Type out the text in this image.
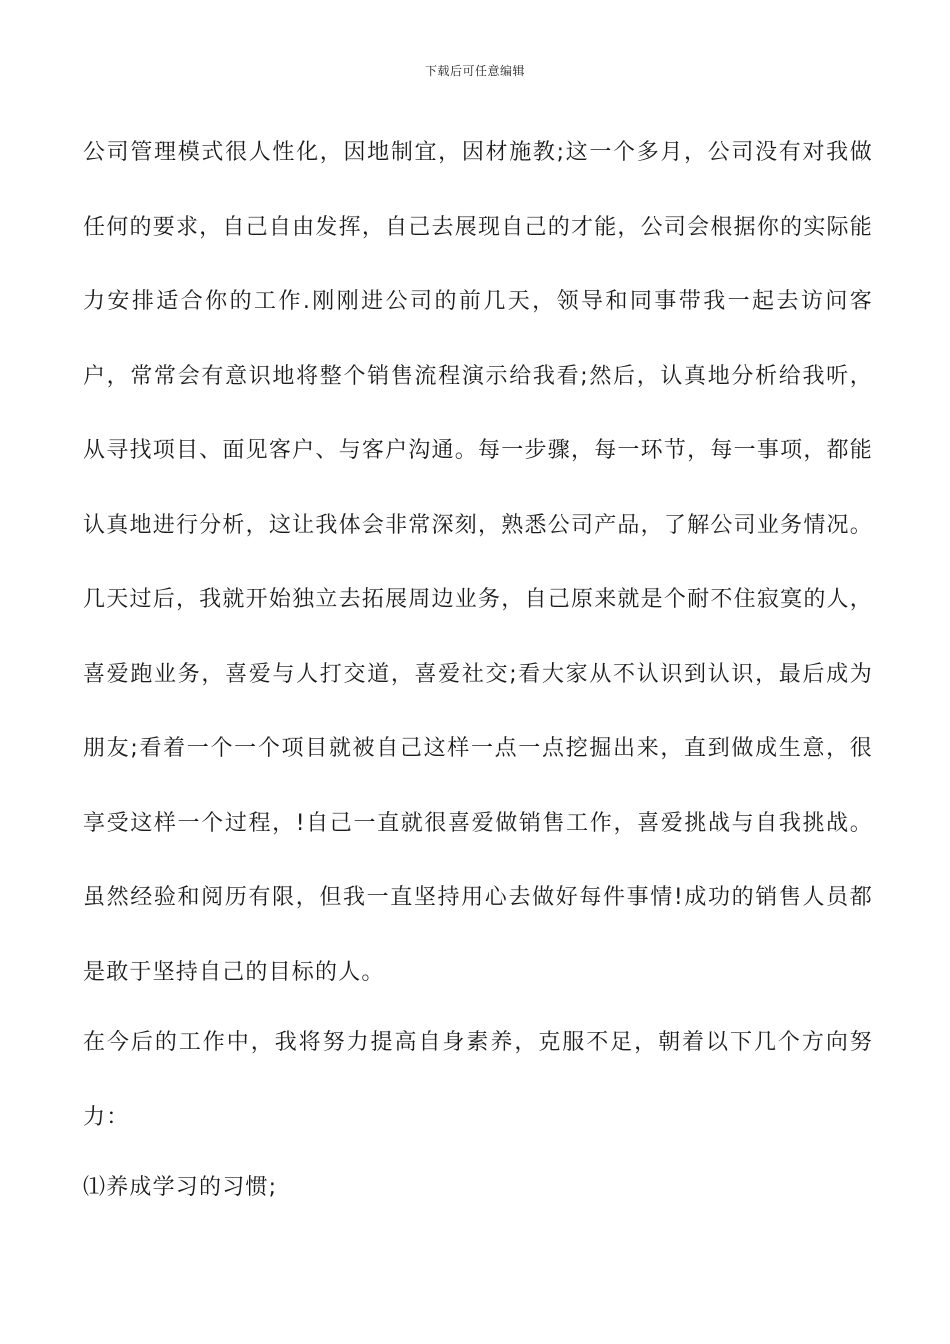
下载后可任意编辑

公司管理模式很人性化，因地制宜，因材施教;这一个多月，公司没有对我做任何的要求，自己自由发挥，自己去展现自己的才能，公司会根据你的实际能力安排适合你的工作.刚刚进公司的前几天，领导和同事带我一起去访问客户，常常会有意识地将整个销售流程演示给我看;然后，认真地分析给我听，从寻找项目、面见客户、与客户沟通。每一步骤，每一环节，每一事项，都能认真地进行分析，这让我体会非常深刻，熟悉公司产品，了解公司业务情况。几天过后，我就开始独立去拓展周边业务，自己原来就是个耐不住寂寞的人，喜爱跑业务，喜爱与人打交道，喜爱社交;看大家从不认识到认识，最后成为朋友;看着一个一个项目就被自己这样一点一点挖掘出来，直到做成生意，很享受这样一个过程，!自己一直就很喜爱做销售工作，喜爱挑战与自我挑战。虽然经验和阅历有限，但我一直坚持用心去做好每件事情!成功的销售人员都是敢于坚持自己的目标的人。

在今后的工作中，我将努力提高自身素养，克服不足，朝着以下几个方向努力：

⑴养成学习的习惯;
